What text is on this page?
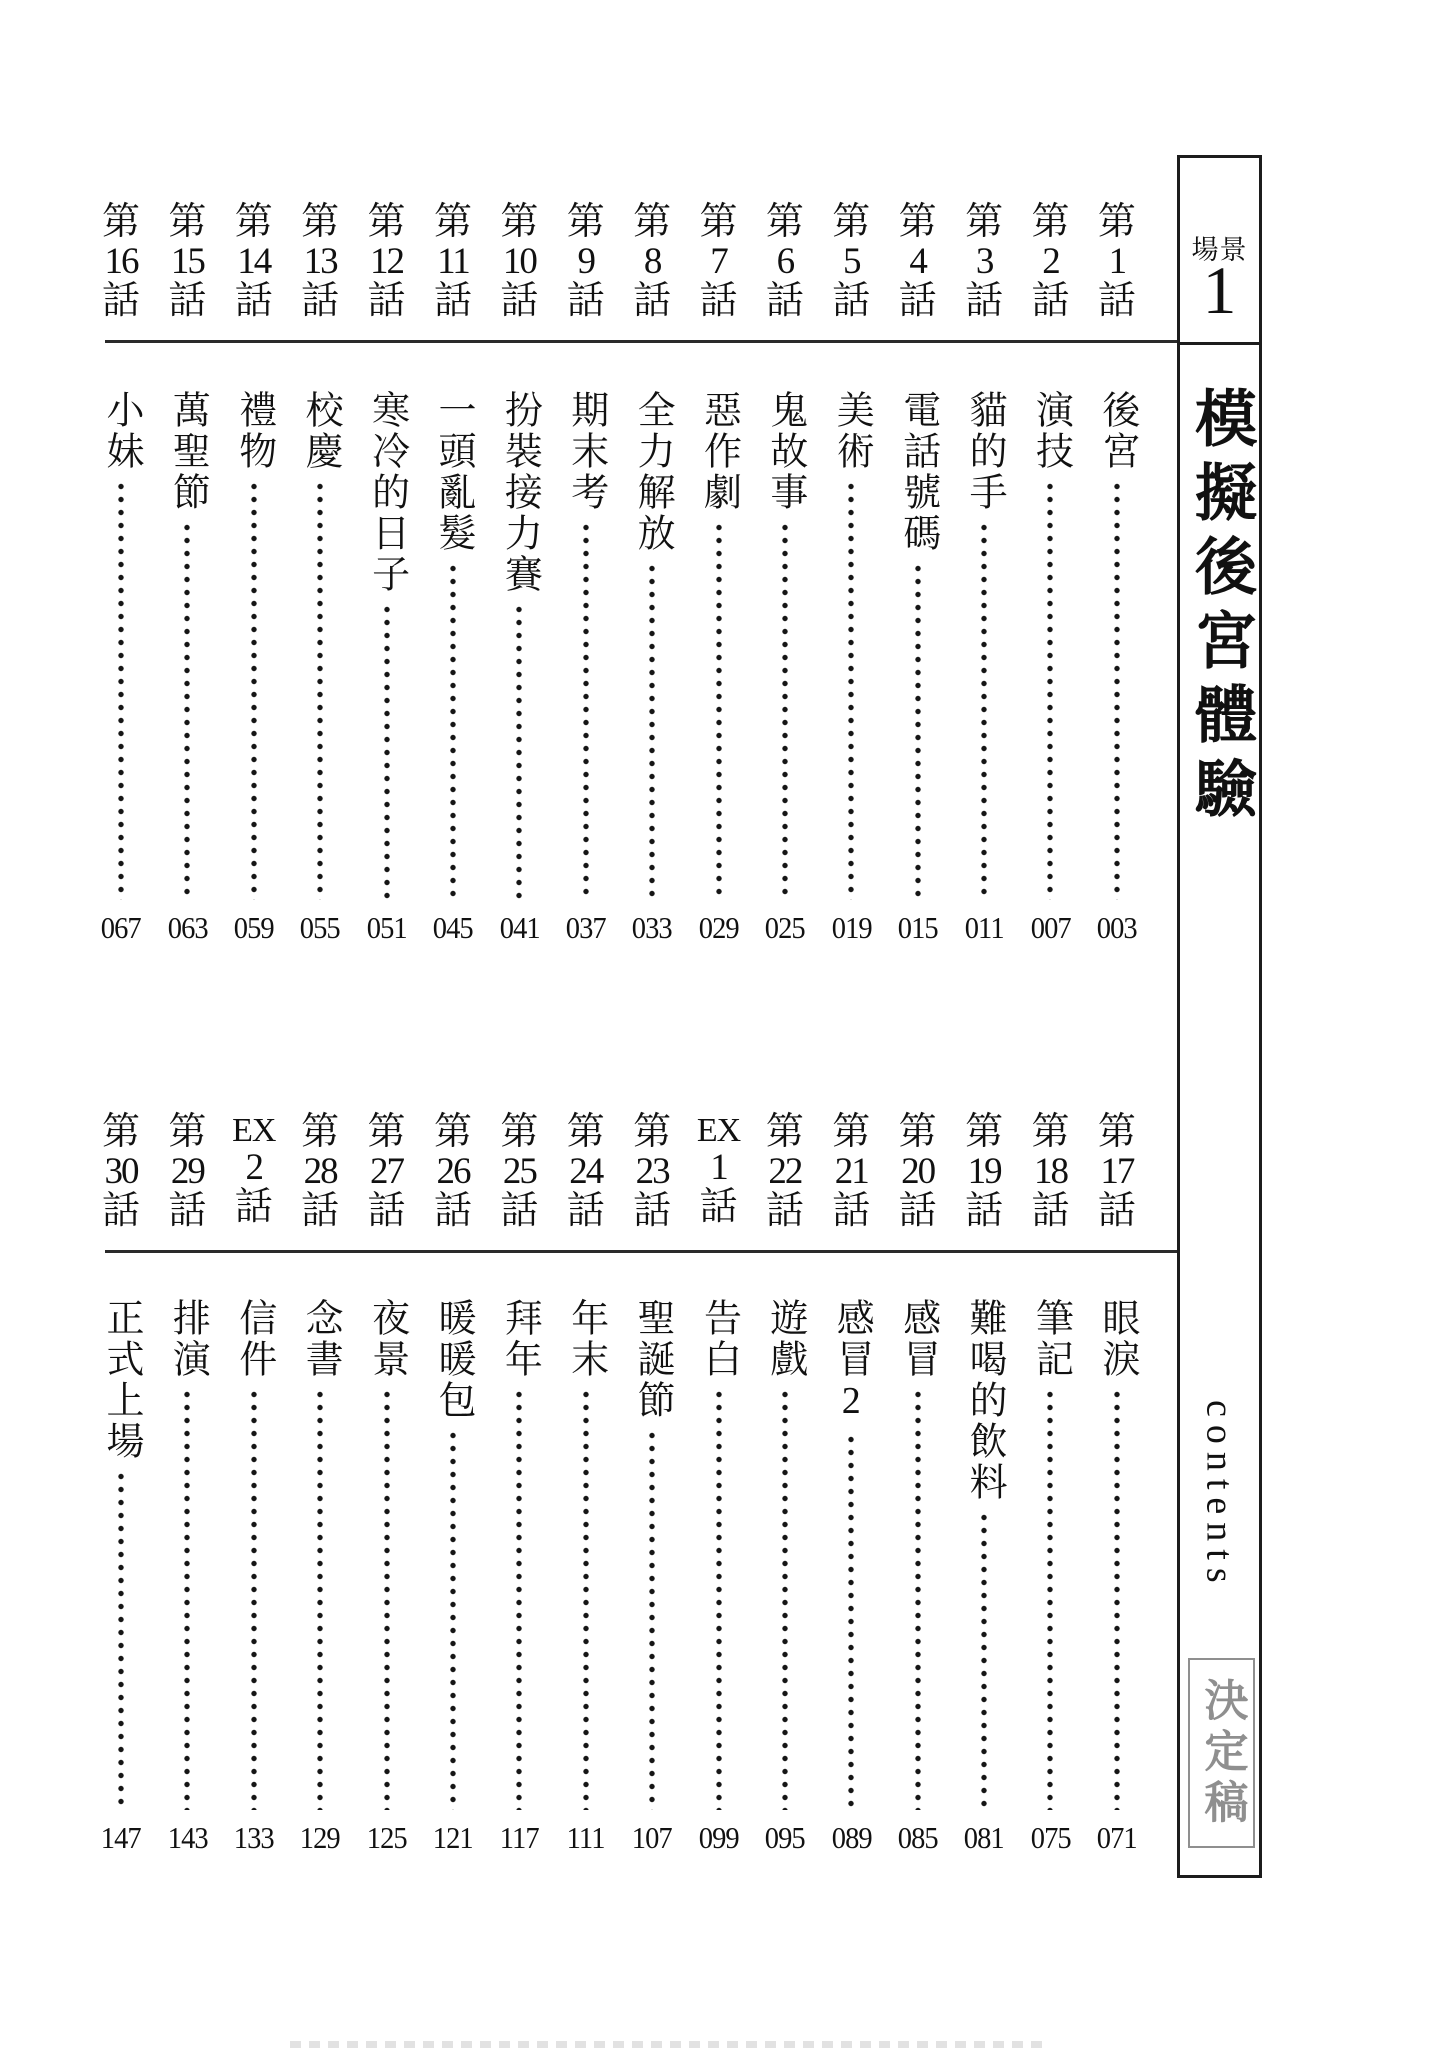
第
1
話
後宮
003
第
2
話
演技
007
第
3
話
貓的手
011
第
4
話
電話號碼
015
第
5
話
美術
019
第
6
話
鬼故事
025
第
7
話
惡作劇
029
第
8
話
全力解放
033
第
9
話
期末考
037
第
10
話
扮裝接力賽
041
第
11
話
一頭亂髮
045
第
12
話
寒冷的日子
051
第
13
話
校慶
055
第
14
話
禮物
059
第
15
話
萬聖節
063
第
16
話
小妹
067
第
17
話
眼淚
071
第
18
話
筆記
075
第
19
話
難喝的飲料
081
第
20
話
感冒
085
第
21
話
感冒2
089
第
22
話
遊戲
095
EX
1
話
告白
099
第
23
話
聖誕節
107
第
24
話
年末
111
第
25
話
拜年
117
第
26
話
暖暖包
121
第
27
話
夜景
125
第
28
話
念書
129
EX
2
話
信件
133
第
29
話
排演
143
第
30
話
正式上場
147
場景
1
模擬後宮體驗
contents
決定稿
